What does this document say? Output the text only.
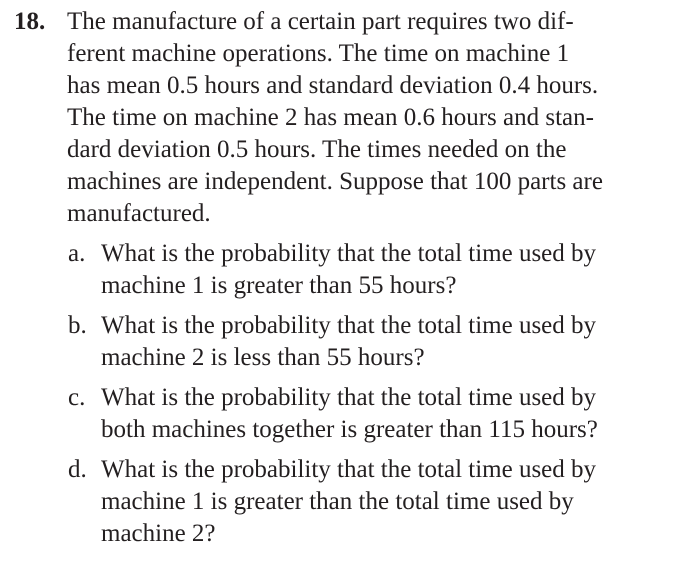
18. The manufacture of a certain part requires two dif-
ferent machine operations. The time on machine 1
has mean 0.5 hours and standard deviation 0.4 hours.
The time on machine 2 has mean 0.6 hours and stan-
dard deviation 0.5 hours. The times needed on the
machines are independent. Suppose that 100 parts are
manufactured.
a. What is the probability that the total time used by
machine 1 is greater than 55 hours?
b. What is the probability that the total time used by
machine 2 is less than 55 hours?
c. What is the probability that the total time used by
both machines together is greater than 115 hours?
d. What is the probability that the total time used by
machine 1 is greater than the total time used by
machine 2?
